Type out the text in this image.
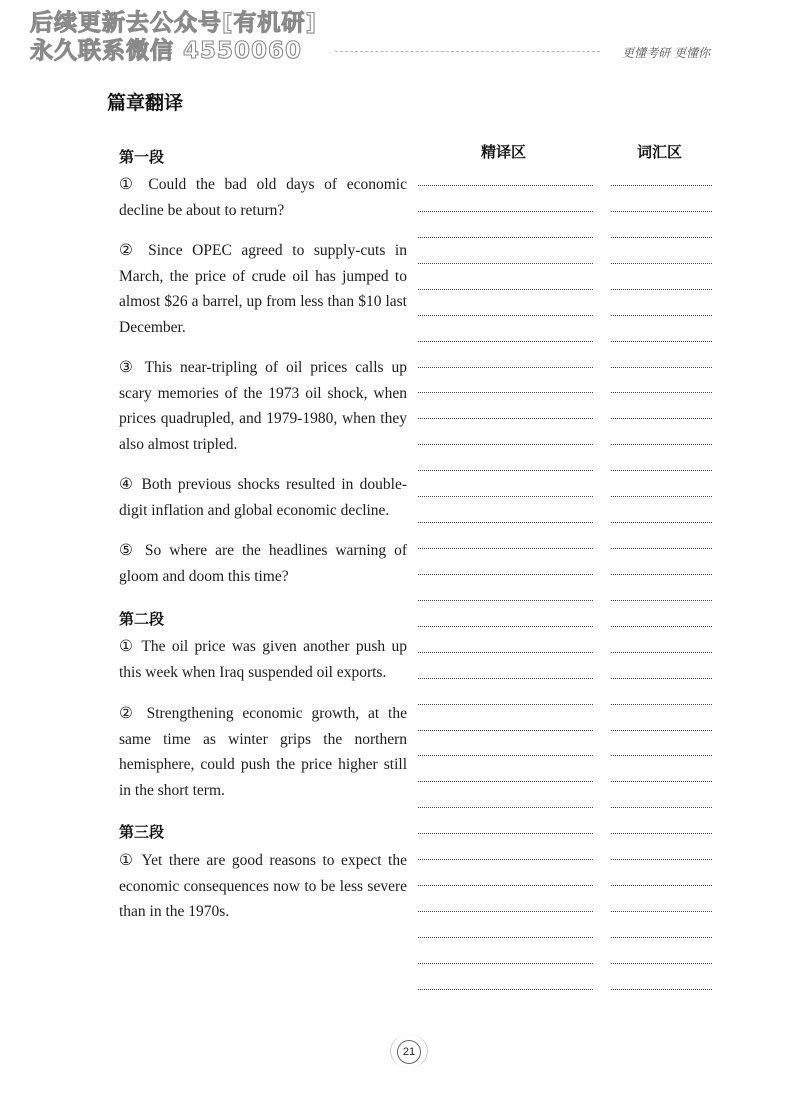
后续更新去公众号[有机研]
永久联系微信 4550060	更懂考研 更懂你
篇章翻译
精译区	词汇区
第一段
① Could the bad old days of economic decline be about to return?
② Since OPEC agreed to supply-cuts in March, the price of crude oil has jumped to almost $26 a barrel, up from less than $10 last December.
③ This near-tripling of oil prices calls up scary memories of the 1973 oil shock, when prices quadrupled, and 1979-1980, when they also almost tripled.
④ Both previous shocks resulted in double-digit inflation and global economic decline.
⑤ So where are the headlines warning of gloom and doom this time?
第二段
① The oil price was given another push up this week when Iraq suspended oil exports.
② Strengthening economic growth, at the same time as winter grips the northern hemisphere, could push the price higher still in the short term.
第三段
① Yet there are good reasons to expect the economic consequences now to be less severe than in the 1970s.
21
